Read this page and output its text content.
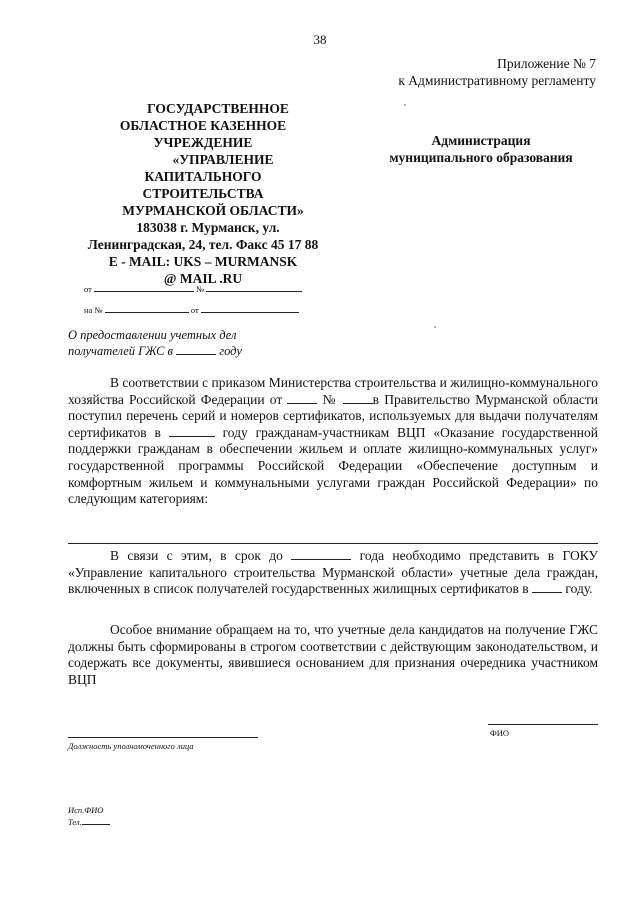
38
Приложение № 7
к Административному регламенту
ГОСУДАРСТВЕННОЕ
ОБЛАСТНОЕ КАЗЕННОЕ
УЧРЕЖДЕНИЕ
«УПРАВЛЕНИЕ
КАПИТАЛЬНОГО
СТРОИТЕЛЬСТВА
МУРМАНСКОЙ ОБЛАСТИ»
183038 г. Мурманск, ул.
Ленинградская, 24, тел. Факс 45 17 88
E - MAIL: UKS – MURMANSK
@ MAIL .RU
Администрация
муниципального образования
от	№
на №	от
О предоставлении учетных дел
получателей ГЖС в	году

В соответствии с приказом Министерства строительства и жилищно-коммунального хозяйства Российской Федерации от	№	в Правительство Мурманской области поступил перечень серий и номеров сертификатов, используемых для выдачи получателям сертификатов в	году гражданам-участникам ВЦП «Оказание государственной поддержки гражданам в обеспечении жильем и оплате жилищно-коммунальных услуг» государственной программы Российской Федерации «Обеспечение доступным и комфортным жильем и коммунальными услугами граждан Российской Федерации» по следующим категориям:

В связи с этим, в срок до	года необходимо представить в ГОКУ «Управление капитального строительства Мурманской области» учетные дела граждан, включенных в список получателей государственных жилищных сертификатов в	году.

Особое внимание обращаем на то, что учетные дела кандидатов на получение ГЖС должны быть сформированы в строгом соответствии с действующим законодательством, и содержать все документы, явившиеся основанием для признания очередника участником ВЦП

Должность уполномоченного лица
ФИО
Исп.ФИО
Тел.
